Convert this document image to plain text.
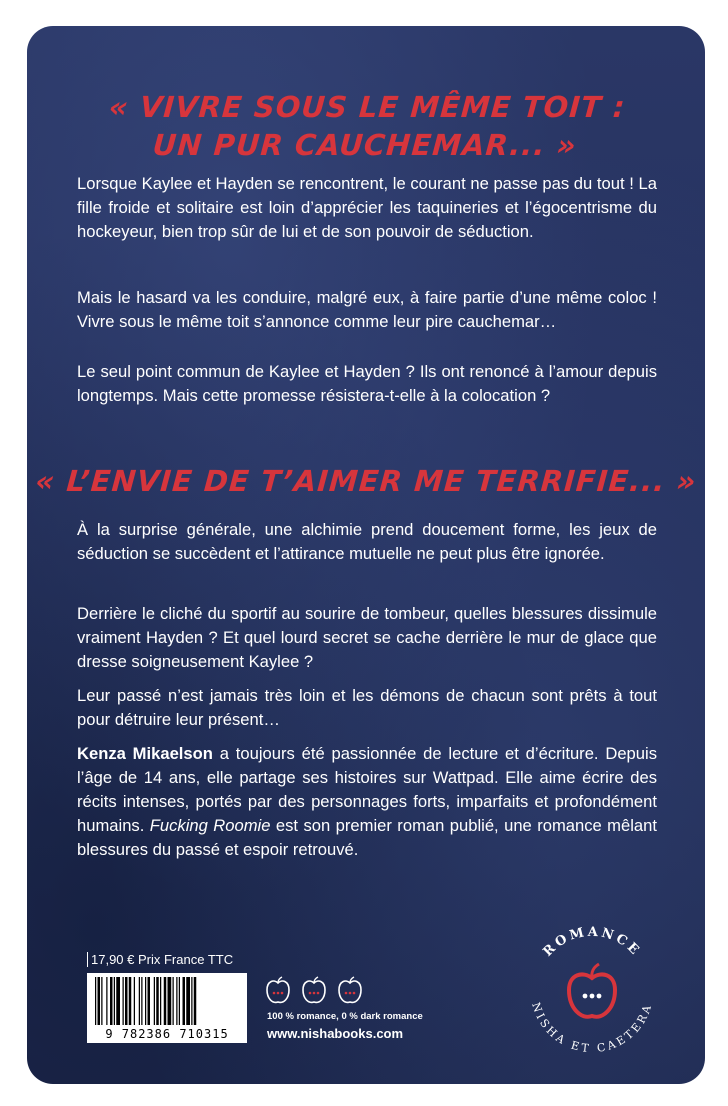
« VIVRE SOUS LE MÊME TOIT :
UN PUR CAUCHEMAR... »

Lorsque Kaylee et Hayden se rencontrent, le courant ne passe pas du tout ! La fille froide et solitaire est loin d’apprécier les taquineries et l’égocentrisme du hockeyeur, bien trop sûr de lui et de son pouvoir de séduction.

Mais le hasard va les conduire, malgré eux, à faire partie d’une même coloc ! Vivre sous le même toit s’annonce comme leur pire cauchemar…

Le seul point commun de Kaylee et Hayden ? Ils ont renoncé à l’amour depuis longtemps. Mais cette promesse résistera-t-elle à la colocation ?

« L’ENVIE DE T’AIMER ME TERRIFIE... »

À la surprise générale, une alchimie prend doucement forme, les jeux de séduction se succèdent et l’attirance mutuelle ne peut plus être ignorée.

Derrière le cliché du sportif au sourire de tombeur, quelles blessures dissimule vraiment Hayden ? Et quel lourd secret se cache derrière le mur de glace que dresse soigneusement Kaylee ?

Leur passé n’est jamais très loin et les démons de chacun sont prêts à tout pour détruire leur présent…

Kenza Mikaelson a toujours été passionnée de lecture et d’écriture. Depuis l’âge de 14 ans, elle partage ses histoires sur Wattpad. Elle aime écrire des récits intenses, portés par des personnages forts, imparfaits et profondément humains. Fucking Roomie est son premier roman publié, une romance mêlant blessures du passé et espoir retrouvé.

17,90 € Prix France TTC
9 782386 710315
100 % romance, 0 % dark romance
www.nishabooks.com
ROMANCE
NISHA ET CAETERA
